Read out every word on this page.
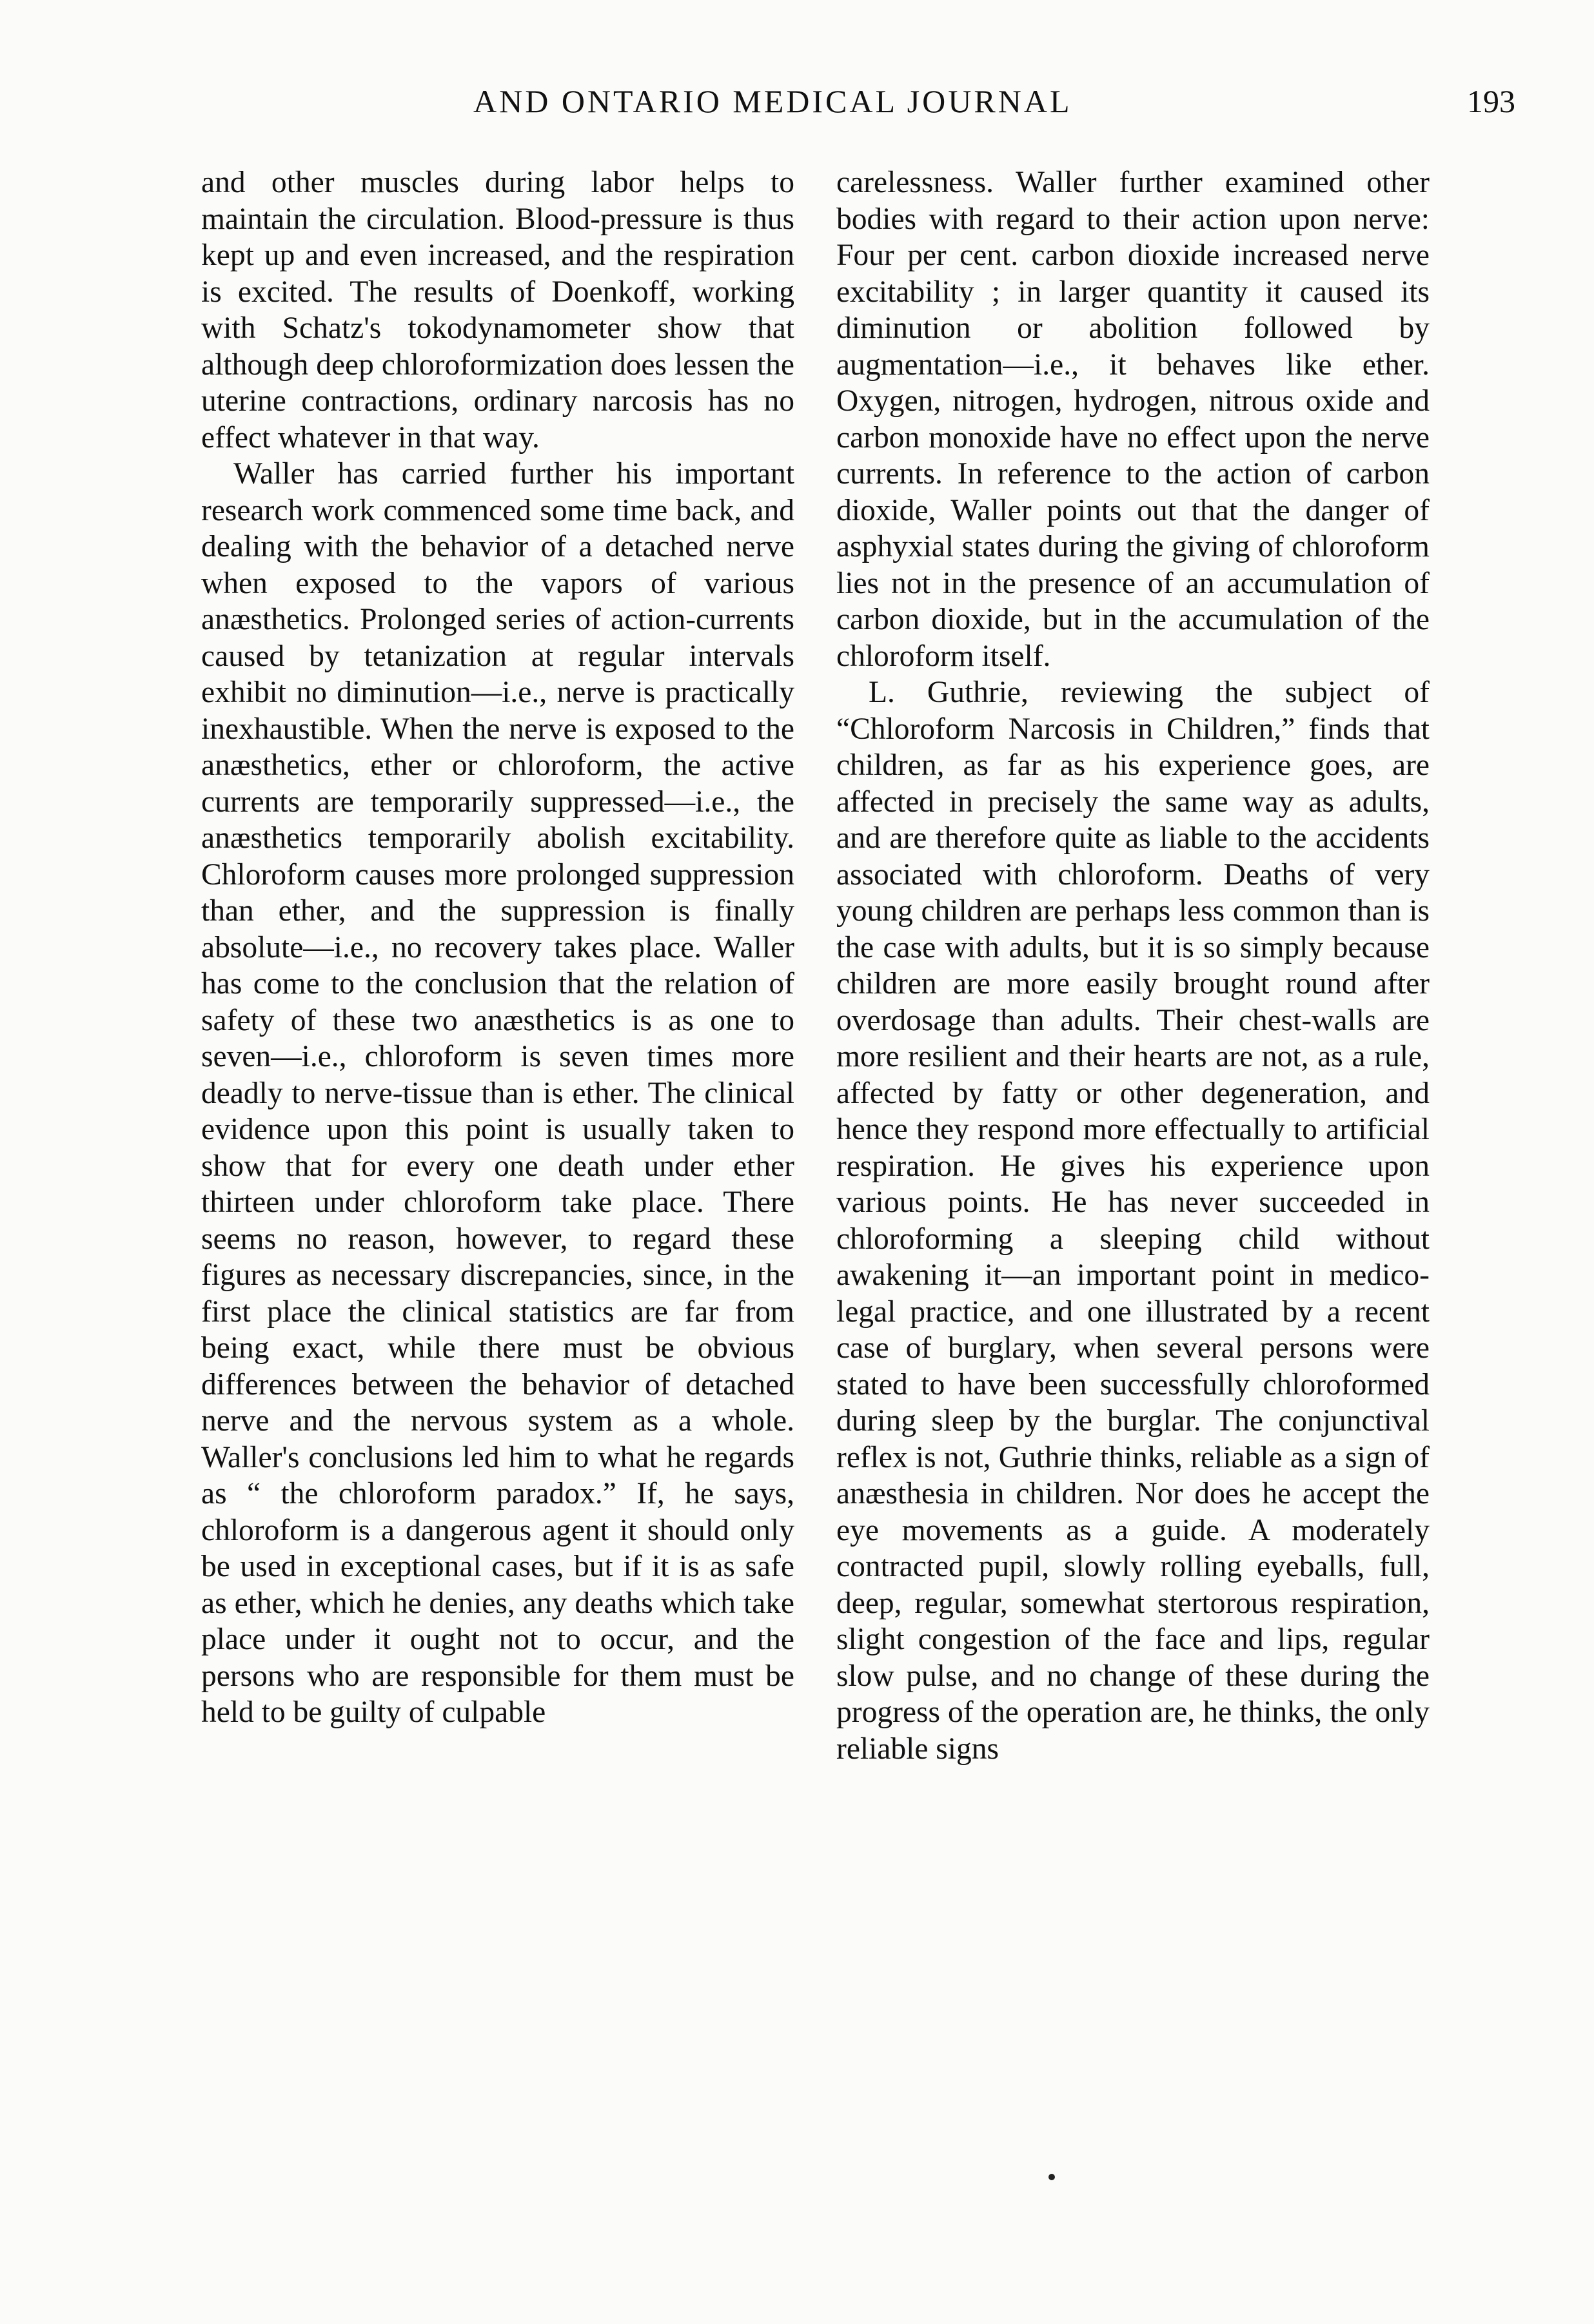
AND ONTARIO MEDICAL JOURNAL	193

and other muscles during labor helps to maintain the circulation. Blood-pressure is thus kept up and even increased, and the respiration is excited. The results of Doenkoff, working with Schatz's tokodynamometer show that although deep chloroformization does lessen the uterine contractions, ordinary narcosis has no effect whatever in that way.

Waller has carried further his important research work commenced some time back, and dealing with the behavior of a detached nerve when exposed to the vapors of various anæsthetics. Prolonged series of action-currents caused by tetanization at regular intervals exhibit no diminution—i.e., nerve is practically inexhaustible. When the nerve is exposed to the anæsthetics, ether or chloroform, the active currents are temporarily suppressed—i.e., the anæsthetics temporarily abolish excitability. Chloroform causes more prolonged suppression than ether, and the suppression is finally absolute—i.e., no recovery takes place. Waller has come to the conclusion that the relation of safety of these two anæsthetics is as one to seven—i.e., chloroform is seven times more deadly to nerve-tissue than is ether. The clinical evidence upon this point is usually taken to show that for every one death under ether thirteen under chloroform take place. There seems no reason, however, to regard these figures as necessary discrepancies, since, in the first place the clinical statistics are far from being exact, while there must be obvious differences between the behavior of detached nerve and the nervous system as a whole. Waller's conclusions led him to what he regards as “ the chloroform paradox.” If, he says, chloroform is a dangerous agent it should only be used in exceptional cases, but if it is as safe as ether, which he denies, any deaths which take place under it ought not to occur, and the persons who are responsible for them must be held to be guilty of culpable

carelessness. Waller further examined other bodies with regard to their action upon nerve: Four per cent. carbon dioxide increased nerve excitability ; in larger quantity it caused its diminution or abolition followed by augmentation—i.e., it behaves like ether. Oxygen, nitrogen, hydrogen, nitrous oxide and carbon monoxide have no effect upon the nerve currents. In reference to the action of carbon dioxide, Waller points out that the danger of asphyxial states during the giving of chloroform lies not in the presence of an accumulation of carbon dioxide, but in the accumulation of the chloroform itself.

L. Guthrie, reviewing the subject of “Chloroform Narcosis in Children,” finds that children, as far as his experience goes, are affected in precisely the same way as adults, and are therefore quite as liable to the accidents associated with chloroform. Deaths of very young children are perhaps less common than is the case with adults, but it is so simply because children are more easily brought round after overdosage than adults. Their chest-walls are more resilient and their hearts are not, as a rule, affected by fatty or other degeneration, and hence they respond more effectually to artificial respiration. He gives his experience upon various points. He has never succeeded in chloroforming a sleeping child without awakening it—an important point in medico-legal practice, and one illustrated by a recent case of burglary, when several persons were stated to have been successfully chloroformed during sleep by the burglar. The conjunctival reflex is not, Guthrie thinks, reliable as a sign of anæsthesia in children. Nor does he accept the eye movements as a guide. A moderately contracted pupil, slowly rolling eyeballs, full, deep, regular, somewhat stertorous respiration, slight congestion of the face and lips, regular slow pulse, and no change of these during the progress of the operation are, he thinks, the only reliable signs
